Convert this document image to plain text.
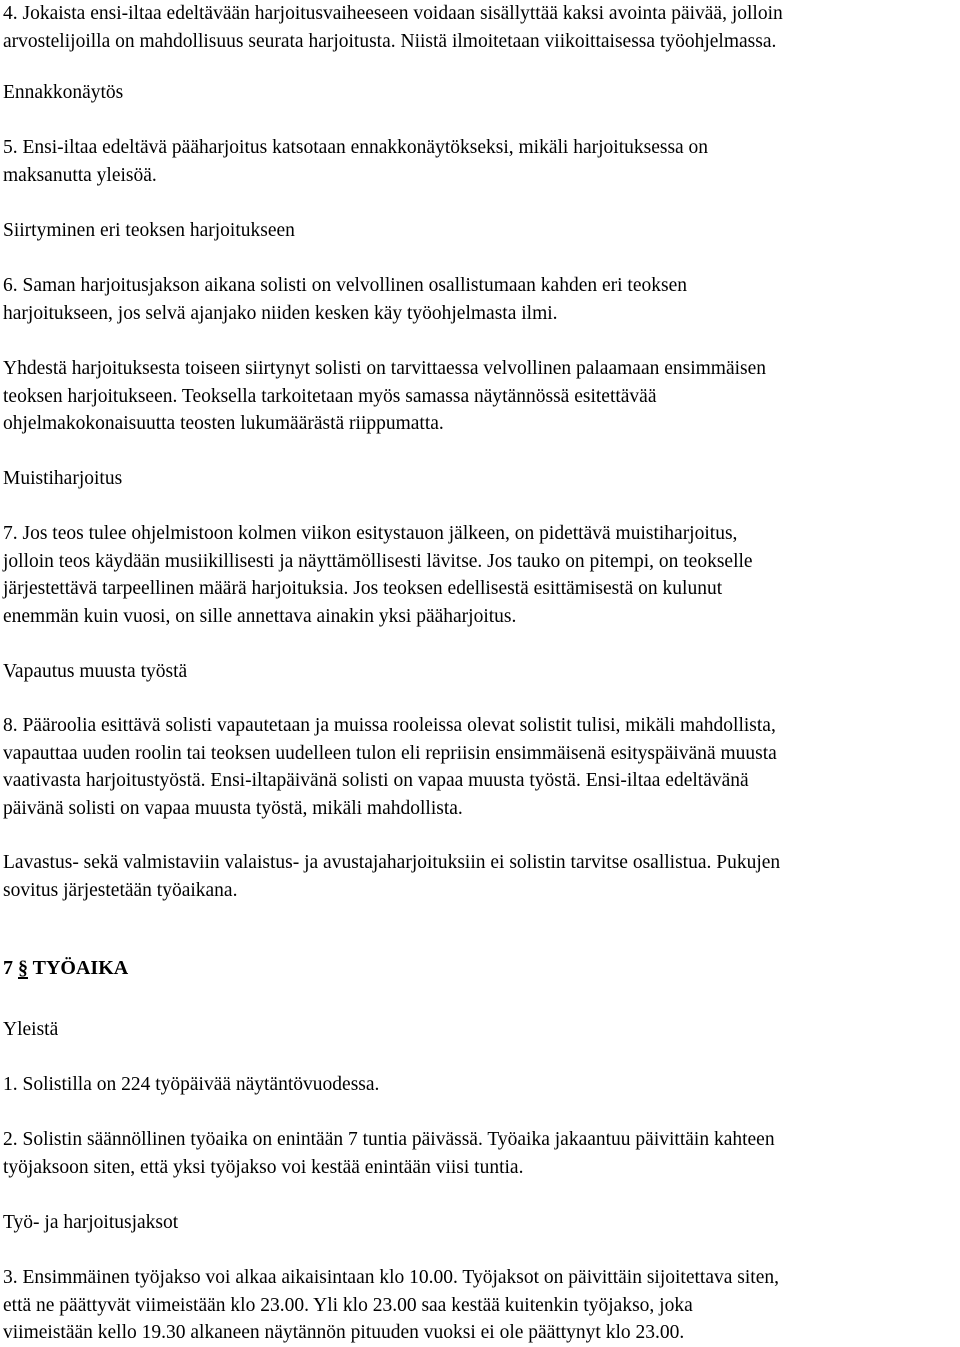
4. Jokaista ensi-iltaa edeltävään harjoitusvaiheeseen voidaan sisällyttää kaksi avointa päivää, jolloin
arvostelijoilla on mahdollisuus seurata harjoitusta. Niistä ilmoitetaan viikoittaisessa työohjelmassa.
Ennakkonäytös
5. Ensi-iltaa edeltävä pääharjoitus katsotaan ennakkonäytökseksi, mikäli harjoituksessa on
maksanutta yleisöä.
Siirtyminen eri teoksen harjoitukseen
6. Saman harjoitusjakson aikana solisti on velvollinen osallistumaan kahden eri teoksen
harjoitukseen, jos selvä ajanjako niiden kesken käy työohjelmasta ilmi.
Yhdestä harjoituksesta toiseen siirtynyt solisti on tarvittaessa velvollinen palaamaan ensimmäisen
teoksen harjoitukseen. Teoksella tarkoitetaan myös samassa näytännössä esitettävää
ohjelmakokonaisuutta teosten lukumäärästä riippumatta.
Muistiharjoitus
7. Jos teos tulee ohjelmistoon kolmen viikon esitystauon jälkeen, on pidettävä muistiharjoitus,
jolloin teos käydään musiikillisesti ja näyttämöllisesti lävitse. Jos tauko on pitempi, on teokselle
järjestettävä tarpeellinen määrä harjoituksia. Jos teoksen edellisestä esittämisestä on kulunut
enemmän kuin vuosi, on sille annettava ainakin yksi pääharjoitus.
Vapautus muusta työstä
8. Pääroolia esittävä solisti vapautetaan ja muissa rooleissa olevat solistit tulisi, mikäli mahdollista,
vapauttaa uuden roolin tai teoksen uudelleen tulon eli repriisin ensimmäisenä esityspäivänä muusta
vaativasta harjoitustyöstä. Ensi-iltapäivänä solisti on vapaa muusta työstä. Ensi-iltaa edeltävänä
päivänä solisti on vapaa muusta työstä, mikäli mahdollista.
Lavastus- sekä valmistaviin valaistus- ja avustajaharjoituksiin ei solistin tarvitse osallistua. Pukujen
sovitus järjestetään työaikana.
7 § TYÖAIKA
Yleistä
1. Solistilla on 224 työpäivää näytäntövuodessa.
2. Solistin säännöllinen työaika on enintään 7 tuntia päivässä. Työaika jakaantuu päivittäin kahteen
työjaksoon siten, että yksi työjakso voi kestää enintään viisi tuntia.
Työ- ja harjoitusjaksot
3. Ensimmäinen työjakso voi alkaa aikaisintaan klo 10.00. Työjaksot on päivittäin sijoitettava siten,
että ne päättyvät viimeistään klo 23.00. Yli klo 23.00 saa kestää kuitenkin työjakso, joka
viimeistään kello 19.30 alkaneen näytännön pituuden vuoksi ei ole päättynyt klo 23.00.
